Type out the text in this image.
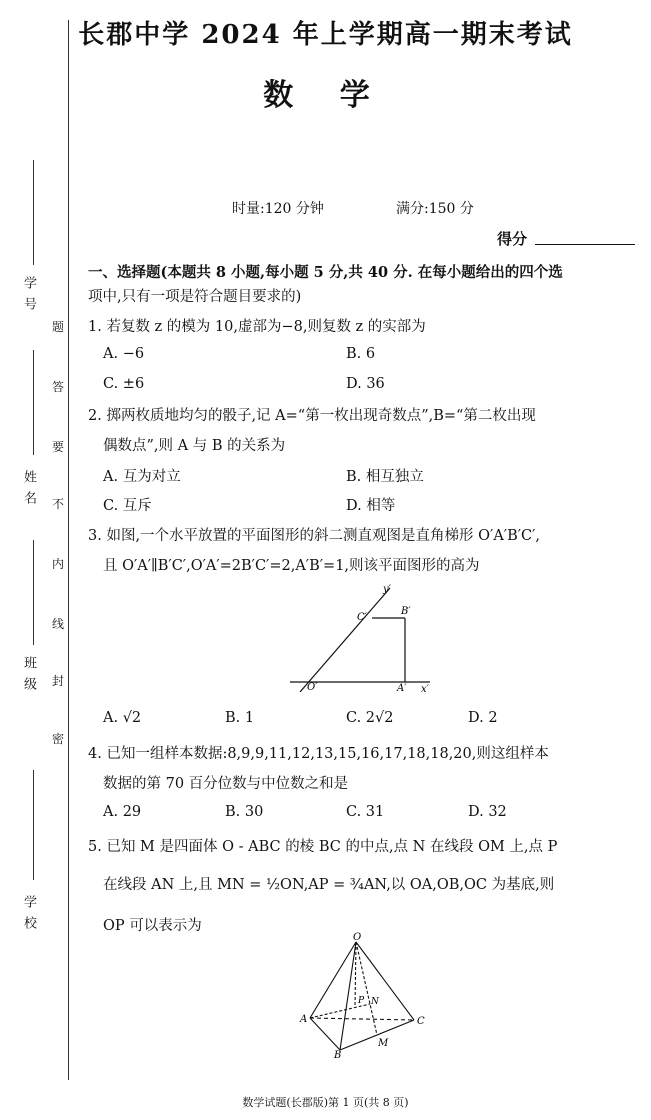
长郡中学 2024 年上学期高一期末考试
数 学
时量:120 分钟	满分:150 分
得分
学 号
姓 名
班 级
学 校
题
答
要
不
内
线
封
密
一、选择题(本题共 8 小题,每小题 5 分,共 40 分. 在每小题给出的四个选
项中,只有一项是符合题目要求的)
1. 若复数 z 的模为 10,虚部为−8,则复数 z 的实部为
A. −6	B. 6
C. ±6	D. 36
2. 掷两枚质地均匀的骰子,记 A=“第一枚出现奇数点”,B=“第二枚出现
偶数点”,则 A 与 B 的关系为
A. 互为对立	B. 相互独立
C. 互斥	D. 相等
3. 如图,一个水平放置的平面图形的斜二测直观图是直角梯形 O′A′B′C′,
且 O′A′∥B′C′,O′A′=2B′C′=2,A′B′=1,则该平面图形的高为
y′
x′
O′	A′
B′
C′
A. √2	B. 1	C. 2√2	D. 2
4. 已知一组样本数据:8,9,9,11,12,13,15,16,17,18,18,20,则这组样本
数据的第 70 百分位数与中位数之和是
A. 29	B. 30	C. 31	D. 32
5. 已知 M 是四面体 O - ABC 的棱 BC 的中点,点 N 在线段 OM 上,点 P
在线段 AN 上,且 MN = ½ON,AP = ¾AN,以 OA,OB,OC 为基底,则
OP 可以表示为
O
A
B
C
M
N
P
数学试题(长郡版)第 1 页(共 8 页)
